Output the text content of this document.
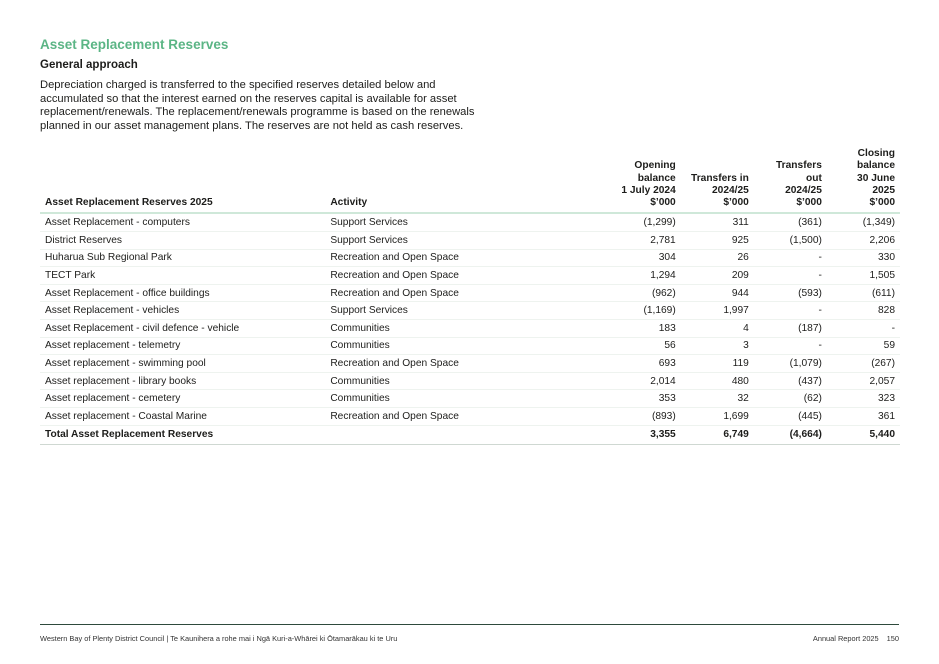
Asset Replacement Reserves
General approach

Depreciation charged is transferred to the specified reserves detailed below and accumulated so that the interest earned on the reserves capital is available for asset replacement/renewals. The replacement/renewals programme is based on the renewals planned in our asset management plans. The reserves are not held as cash reserves.

Asset Replacement Reserves 2025	Activity	Opening
balance
1 July 2024
$’000	Transfers in
2024/25
$’000	Transfers
out
2024/25
$’000	Closing
balance
30 June 2025
$’000
Asset Replacement - computers	Support Services	(1,299)	311	(361)	(1,349)
District Reserves	Support Services	2,781	925	(1,500)	2,206
Huharua Sub Regional Park	Recreation and Open Space	304	26	-	330
TECT Park	Recreation and Open Space	1,294	209	-	1,505
Asset Replacement - office buildings	Recreation and Open Space	(962)	944	(593)	(611)
Asset Replacement - vehicles	Support Services	(1,169)	1,997	-	828
Asset Replacement - civil defence - vehicle	Communities	183	4	(187)	-
Asset replacement - telemetry	Communities	56	3	-	59
Asset replacement - swimming pool	Recreation and Open Space	693	119	(1,079)	(267)
Asset replacement - library books	Communities	2,014	480	(437)	2,057
Asset replacement - cemetery	Communities	353	32	(62)	323
Asset replacement - Coastal Marine	Recreation and Open Space	(893)	1,699	(445)	361
Total Asset Replacement Reserves		3,355	6,749	(4,664)	5,440
Western Bay of Plenty District Council | Te Kaunihera a rohe mai i Ngā Kuri-a-Whārei ki Ōtamarākau ki te Uru	Annual Report 2025 150
